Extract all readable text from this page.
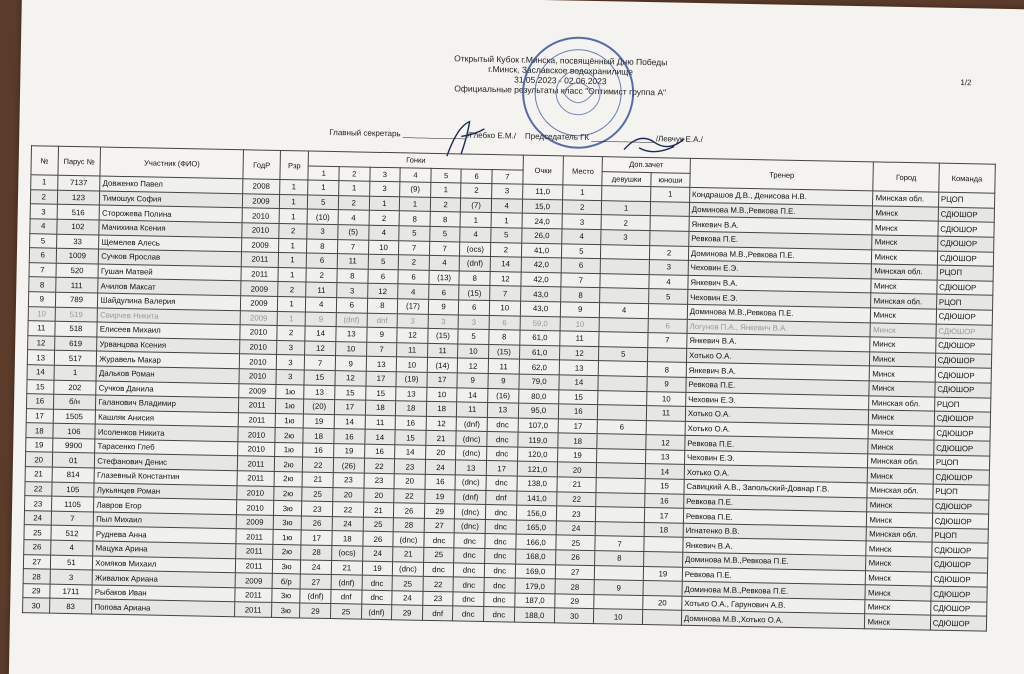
Открытый Кубок г.Минска, посвящённый Дню Победы
г.Минск, Заславское водохранилище
31.05.2023 - 02.06.2023
Официальные результаты класс "Оптимист группа А"
1/2
Главный секретарь ______________ /Глебко Е.М./ Председатель ГК ______________ /Левчук Е.А./
№	Парус №	Участник (ФИО)	ГодР	Рзр	Гонки							Очки	Место	Доп.зачет		Тренер	Город	Команда
					1	2	3	4	5	6	7			девушки	юноши			

1	7137	Довженко Павел	2008	1	1	1	3	(9)	1	2	3	11,0	1		1	Кондрашов Д.В., Денисова Н.В.	Минская обл.	РЦОП
2	123	Тимошук София	2009	1	5	2	1	1	2	(7)	4	15,0	2	1		Доминова М.В.,Ревкова П.Е.	Минск	СДЮШОР
3	516	Сторожева Полина	2010	1	(10)	4	2	8	8	1	1	24,0	3	2		Янкевич В.А.	Минск	СДЮШОР
4	102	Мачихина Ксения	2010	2	3	(5)	4	5	5	4	5	26,0	4	3		Ревкова П.Е.	Минск	СДЮШОР
5	33	Щемелев Алесь	2009	1	8	7	10	7	7	(ocs)	2	41,0	5		2	Доминова М.В.,Ревкова П.Е.	Минск	СДЮШОР
6	1009	Сучков Ярослав	2011	1	6	11	5	2	4	(dnf)	14	42,0	6		3	Чеховин Е.Э.	Минская обл.	РЦОП
7	520	Гушан Матвей	2011	1	2	8	6	6	(13)	8	12	42,0	7		4	Янкевич В.А.	Минск	СДЮШОР
8	111	Ачилов Максат	2009	2	11	3	12	4	6	(15)	7	43,0	8		5	Чеховин Е.Э.	Минская обл.	РЦОП
9	789	Шайдулина Валерия	2009	1	4	6	8	(17)	9	6	10	43,0	9	4		Доминова М.В.,Ревкова П.Е.	Минск	СДЮШОР
10	519	Свирчев Никита	2009	1	9	(dnf)	dnf	3	3	3	6	59,0	10		6	Логунов П.А., Янкевич В.А.	Минск	СДЮШОР
11	518	Елисеев Михаил	2010	2	14	13	9	12	(15)	5	8	61,0	11		7	Янкевич В.А.	Минск	СДЮШОР
12	619	Урванцова Ксения	2010	3	12	10	7	11	11	10	(15)	61,0	12	5		Хотько О.А.	Минск	СДЮШОР
13	517	Журавель Макар	2010	3	7	9	13	10	(14)	12	11	62,0	13		8	Янкевич В.А.	Минск	СДЮШОР
14	1	Дальков Роман	2010	3	15	12	17	(19)	17	9	9	79,0	14		9	Ревкова П.Е.	Минск	СДЮШОР
15	202	Сучков Данила	2009	1ю	13	15	15	13	10	14	(16)	80,0	15		10	Чеховин Е.Э.	Минская обл.	РЦОП
16	б/н	Галанович Владимир	2011	1ю	(20)	17	18	18	18	11	13	95,0	16		11	Хотько О.А.	Минск	СДЮШОР
17	1505	Кашляк Анисия	2011	1ю	19	14	11	16	12	(dnf)	dnc	107,0	17	6		Хотько О.А.	Минск	СДЮШОР
18	106	Исоленков Никита	2010	2ю	18	16	14	15	21	(dnc)	dnc	119,0	18		12	Ревкова П.Е.	Минск	СДЮШОР
19	9900	Тарасенко Глеб	2010	1ю	16	19	16	14	20	(dnc)	dnc	120,0	19		13	Чеховин Е.Э.	Минская обл.	РЦОП
20	01	Стефанович Денис	2011	2ю	22	(26)	22	23	24	13	17	121,0	20		14	Хотько О.А.	Минск	СДЮШОР
21	814	Глазевный Константин	2011	2ю	21	23	23	20	16	(dnc)	dnc	138,0	21		15	Савицкий А.В., Запольский-Довнар Г.В.	Минская обл.	РЦОП
22	105	Лукьянцев Роман	2010	2ю	25	20	20	22	19	(dnf)	dnf	141,0	22		16	Ревкова П.Е.	Минск	СДЮШОР
23	1105	Лавров Егор	2010	3ю	23	22	21	26	29	(dnc)	dnc	156,0	23		17	Ревкова П.Е.	Минск	СДЮШОР
24	7	Пыл Михаил	2009	3ю	26	24	25	28	27	(dnc)	dnc	165,0	24		18	Игнатенко В.В.	Минская обл.	РЦОП
25	512	Руднева Анна	2011	1ю	17	18	26	(dnc)	dnc	dnc	dnc	166,0	25	7		Янкевич В.А.	Минск	СДЮШОР
26	4	Мацука Арина	2011	2ю	28	(ocs)	24	21	25	dnc	dnc	168,0	26	8		Доминова М.В.,Ревкова П.Е.	Минск	СДЮШОР
27	51	Хомяков Михаил	2011	3ю	24	21	19	(dnc)	dnc	dnc	dnc	169,0	27		19	Ревкова П.Е.	Минск	СДЮШОР
28	3	Живалюк Ариана	2009	б/р	27	(dnf)	dnc	25	22	dnc	dnc	179,0	28	9		Доминова М.В.,Ревкова П.Е.	Минск	СДЮШОР
29	1711	Рыбаков Иван	2011	3ю	(dnf)	dnf	dnc	24	23	dnc	dnc	187,0	29		20	Хотько О.А., Гарунович А.В.	Минск	СДЮШОР
30	83	Попова Ариана	2011	3ю	29	25	(dnf)	29	dnf	dnc	dnc	188,0	30	10		Доминова М.В.,Хотько О.А.	Минск	СДЮШОР
